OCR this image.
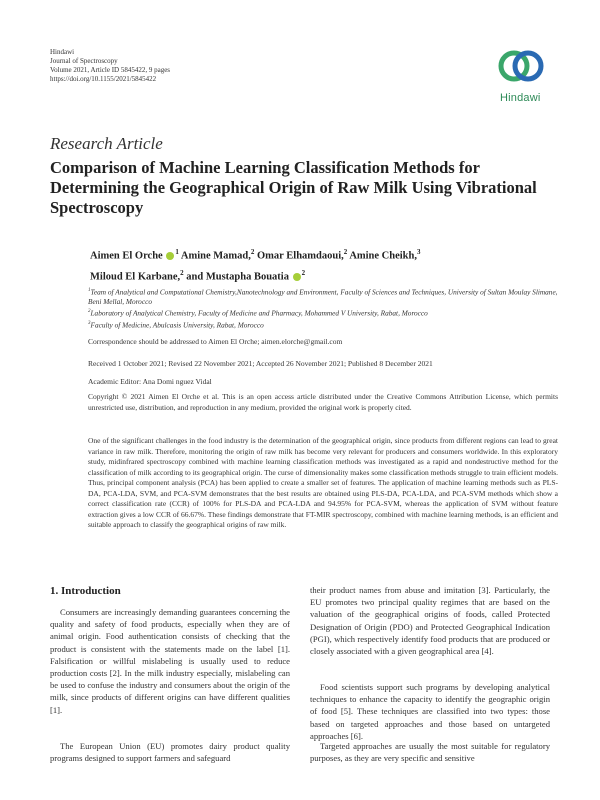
Hindawi
Journal of Spectroscopy
Volume 2021, Article ID 5845422, 9 pages
https://doi.org/10.1155/2021/5845422
Hindawi
Research Article
Comparison of Machine Learning Classification Methods for Determining the Geographical Origin of Raw Milk Using Vibrational Spectroscopy
Aimen El Orche $^1$ Amine Mamad,$^2$ Omar Elhamdaoui,$^2$ Amine Cheikh,$^3$
Miloud El Karbane,$^2$ and Mustapha Bouatia $^2$

$^1$Team of Analytical and Computational Chemistry,Nanotechnology and Environment, Faculty of Sciences and Techniques, University of Sultan Moulay Slimane, Beni Mellal, Morocco

$^2$Laboratory of Analytical Chemistry, Faculty of Medicine and Pharmacy, Mohammed V University, Rabat, Morocco

$^3$Faculty of Medicine, Abulcasis University, Rabat, Morocco

Correspondence should be addressed to Aimen El Orche; aimen.elorche@gmail.com

Received 1 October 2021; Revised 22 November 2021; Accepted 26 November 2021; Published 8 December 2021

Academic Editor: Ana Domi nguez Vidal

Copyright © 2021 Aimen El Orche et al. This is an open access article distributed under the Creative Commons Attribution License, which permits unrestricted use, distribution, and reproduction in any medium, provided the original work is properly cited.

One of the significant challenges in the food industry is the determination of the geographical origin, since products from different regions can lead to great variance in raw milk. Therefore, monitoring the origin of raw milk has become very relevant for producers and consumers worldwide. In this exploratory study, midinfrared spectroscopy combined with machine learning classification methods was investigated as a rapid and nondestructive method for the classification of milk according to its geographical origin. The curse of dimensionality makes some classification methods struggle to train efficient models. Thus, principal component analysis (PCA) has been applied to create a smaller set of features. The application of machine learning methods such as PLS-DA, PCA-LDA, SVM, and PCA-SVM demonstrates that the best results are obtained using PLS-DA, PCA-LDA, and PCA-SVM methods which show a correct classification rate (CCR) of 100% for PLS-DA and PCA-LDA and 94.95% for PCA-SVM, whereas the application of SVM without feature extraction gives a low CCR of 66.67%. These findings demonstrate that FT-MIR spectroscopy, combined with machine learning methods, is an efficient and suitable approach to classify the geographical origins of raw milk.

1. Introduction

Consumers are increasingly demanding guarantees concerning the quality and safety of food products, especially when they are of animal origin. Food authentication consists of checking that the product is consistent with the statements made on the label [1]. Falsification or willful mislabeling is usually used to reduce production costs [2]. In the milk industry especially, mislabeling can be used to confuse the industry and consumers about the origin of the milk, since products of different origins can have different qualities [1].

The European Union (EU) promotes dairy product quality programs designed to support farmers and safeguard

their product names from abuse and imitation [3]. Particularly, the EU promotes two principal quality regimes that are based on the valuation of the geographical origins of foods, called Protected Designation of Origin (PDO) and Protected Geographical Indication (PGI), which respectively identify food products that are produced or closely associated with a given geographical area [4].

Food scientists support such programs by developing analytical techniques to enhance the capacity to identify the geographic origin of food [5]. These techniques are classified into two types: those based on targeted approaches and those based on untargeted approaches [6].

Targeted approaches are usually the most suitable for regulatory purposes, as they are very specific and sensitive
